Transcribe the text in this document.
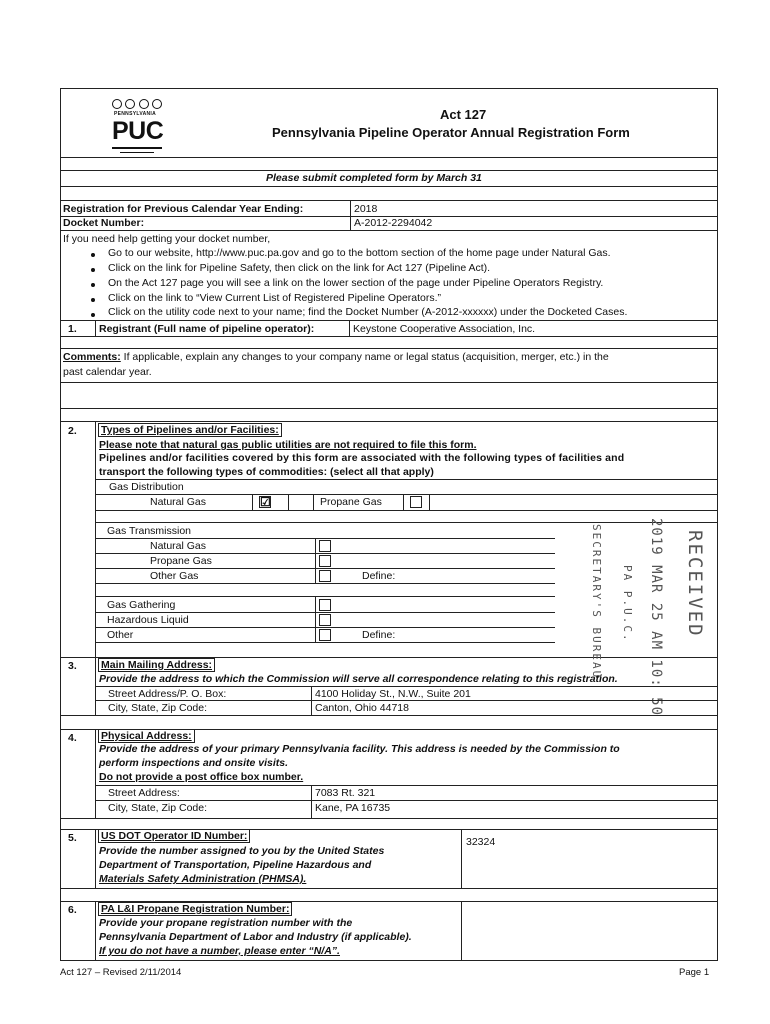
PENNSYLVANIA
PUC
Act 127
Pennsylvania Pipeline Operator Annual Registration Form
Please submit completed form by March 31
Registration for Previous Calendar Year Ending:	2018
Docket Number:	A-2012-2294042
If you need help getting your docket number,
Go to our website, http://www.puc.pa.gov and go to the bottom section of the home page under Natural Gas.
Click on the link for Pipeline Safety, then click on the link for Act 127 (Pipeline Act).
On the Act 127 page you will see a link on the lower section of the page under Pipeline Operators Registry.
Click on the link to “View Current List of Registered Pipeline Operators.”
Click on the utility code next to your name; find the Docket Number (A-2012-xxxxxx) under the Docketed Cases.
1. Registrant (Full name of pipeline operator):	Keystone Cooperative Association, Inc.
Comments: If applicable, explain any changes to your company name or legal status (acquisition, merger, etc.) in the
past calendar year.
2. Types of Pipelines and/or Facilities:
Please note that natural gas public utilities are not required to file this form.
Pipelines and/or facilities covered by this form are associated with the following types of facilities and
transport the following types of commodities: (select all that apply)
Gas Distribution
Natural Gas	☑	Propane Gas
Gas Transmission
Natural Gas
Propane Gas
Other Gas	Define:
Gas Gathering
Hazardous Liquid
Other	Define:	RECEIVED
2019 MAR 25 AM 10: 50
PA P.U.C.
SECRETARY'S BUREAU
3. Main Mailing Address:
Provide the address to which the Commission will serve all correspondence relating to this registration.
Street Address/P. O. Box:	4100 Holiday St., N.W., Suite 201
City, State, Zip Code:	Canton, Ohio 44718
4. Physical Address:
Provide the address of your primary Pennsylvania facility. This address is needed by the Commission to
perform inspections and onsite visits.
Do not provide a post office box number.
Street Address:	7083 Rt. 321
City, State, Zip Code:	Kane, PA 16735
5. US DOT Operator ID Number:
Provide the number assigned to you by the United States
Department of Transportation, Pipeline Hazardous and
Materials Safety Administration (PHMSA).
32324
6. PA L&I Propane Registration Number:
Provide your propane registration number with the
Pennsylvania Department of Labor and Industry (if applicable).
If you do not have a number, please enter “N/A”.
Act 127 – Revised 2/11/2014	Page 1
